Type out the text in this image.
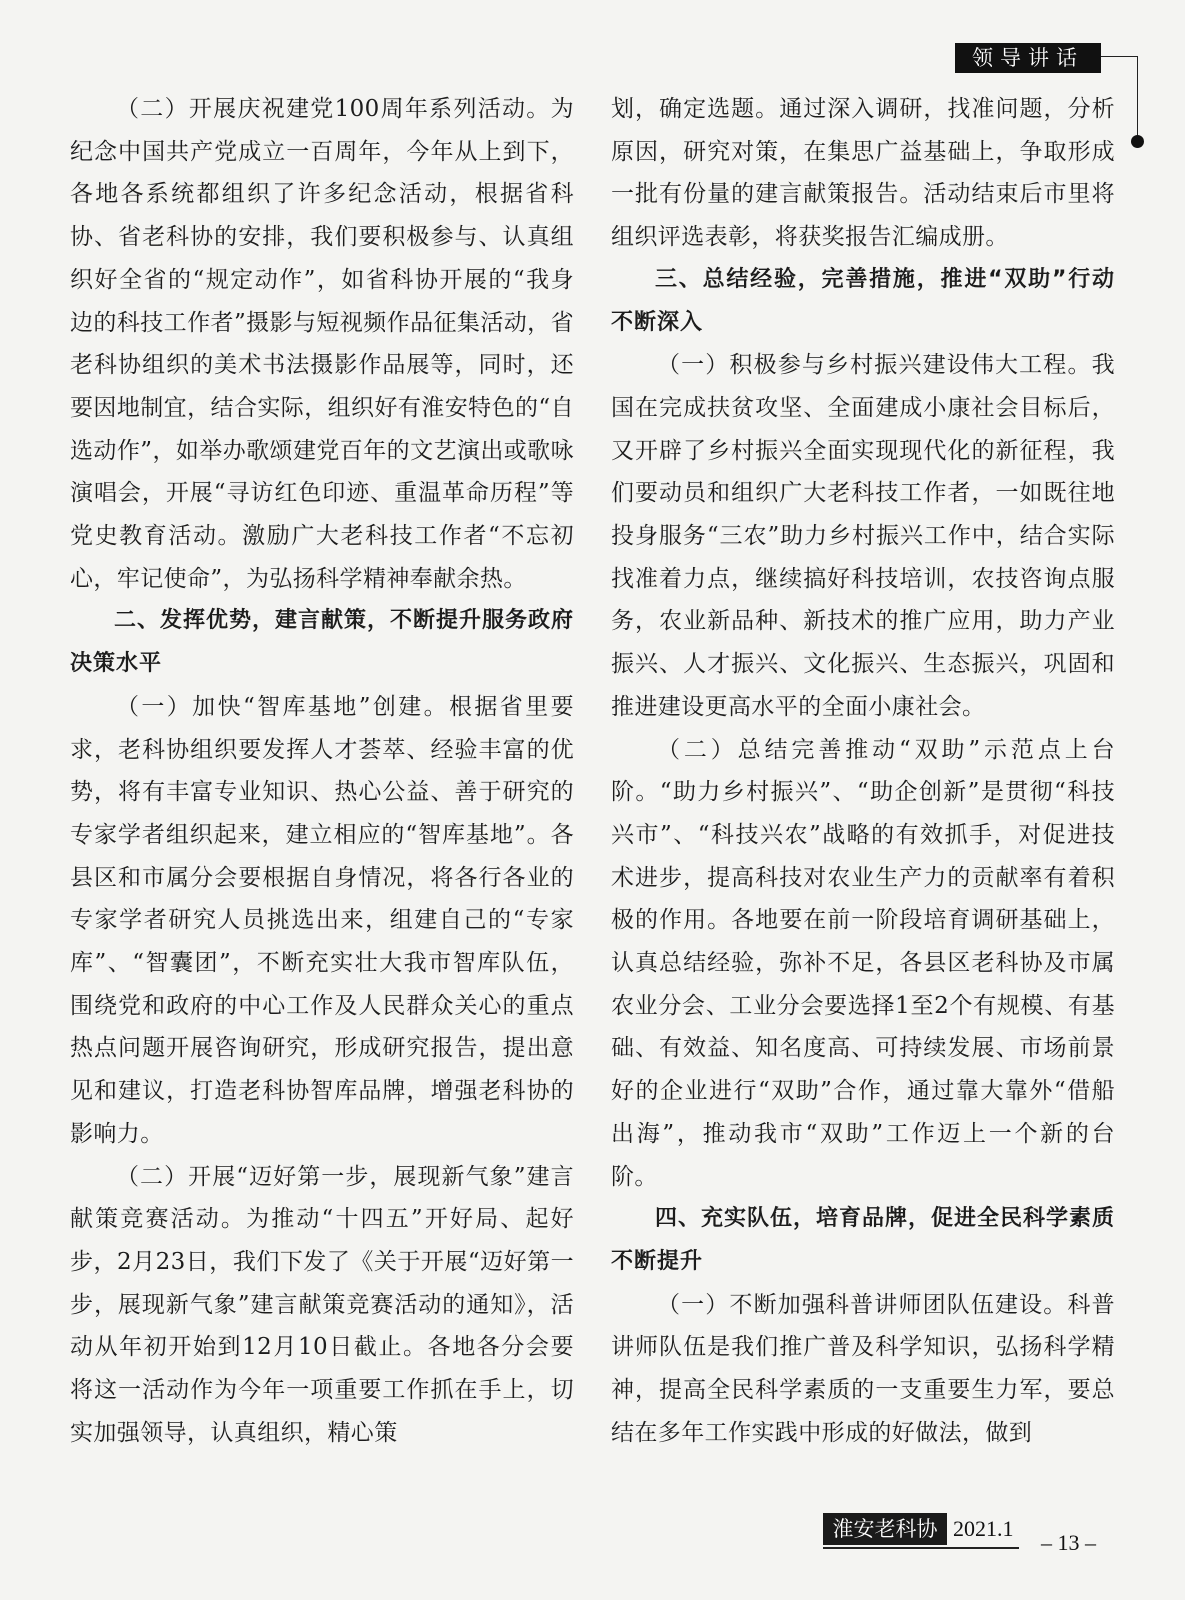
领导讲话

（二）开展庆祝建党100周年系列活动。为纪念中国共产党成立一百周年，今年从上到下，各地各系统都组织了许多纪念活动，根据省科协、省老科协的安排，我们要积极参与、认真组织好全省的“规定动作”，如省科协开展的“我身边的科技工作者”摄影与短视频作品征集活动，省老科协组织的美术书法摄影作品展等，同时，还要因地制宜，结合实际，组织好有淮安特色的“自选动作”，如举办歌颂建党百年的文艺演出或歌咏演唱会，开展“寻访红色印迹、重温革命历程”等党史教育活动。激励广大老科技工作者“不忘初心，牢记使命”，为弘扬科学精神奉献余热。

二、发挥优势，建言献策，不断提升服务政府决策水平

（一）加快“智库基地”创建。根据省里要求，老科协组织要发挥人才荟萃、经验丰富的优势，将有丰富专业知识、热心公益、善于研究的专家学者组织起来，建立相应的“智库基地”。各县区和市属分会要根据自身情况，将各行各业的专家学者研究人员挑选出来，组建自己的“专家库”、“智囊团”，不断充实壮大我市智库队伍，围绕党和政府的中心工作及人民群众关心的重点热点问题开展咨询研究，形成研究报告，提出意见和建议，打造老科协智库品牌，增强老科协的影响力。

（二）开展“迈好第一步，展现新气象”建言献策竞赛活动。为推动“十四五”开好局、起好步，2月23日，我们下发了《关于开展“迈好第一步，展现新气象”建言献策竞赛活动的通知》，活动从年初开始到12月10日截止。各地各分会要将这一活动作为今年一项重要工作抓在手上，切实加强领导，认真组织，精心策

划，确定选题。通过深入调研，找准问题，分析原因，研究对策，在集思广益基础上，争取形成一批有份量的建言献策报告。活动结束后市里将组织评选表彰，将获奖报告汇编成册。

三、总结经验，完善措施，推进“双助”行动不断深入

（一）积极参与乡村振兴建设伟大工程。我国在完成扶贫攻坚、全面建成小康社会目标后，又开辟了乡村振兴全面实现现代化的新征程，我们要动员和组织广大老科技工作者，一如既往地投身服务“三农”助力乡村振兴工作中，结合实际找准着力点，继续搞好科技培训，农技咨询点服务，农业新品种、新技术的推广应用，助力产业振兴、人才振兴、文化振兴、生态振兴，巩固和推进建设更高水平的全面小康社会。

（二）总结完善推动“双助”示范点上台阶。“助力乡村振兴”、“助企创新”是贯彻“科技兴市”、“科技兴农”战略的有效抓手，对促进技术进步，提高科技对农业生产力的贡献率有着积极的作用。各地要在前一阶段培育调研基础上，认真总结经验，弥补不足，各县区老科协及市属农业分会、工业分会要选择1至2个有规模、有基础、有效益、知名度高、可持续发展、市场前景好的企业进行“双助”合作，通过靠大靠外“借船出海”，推动我市“双助”工作迈上一个新的台阶。

四、充实队伍，培育品牌，促进全民科学素质不断提升

（一）不断加强科普讲师团队伍建设。科普讲师队伍是我们推广普及科学知识，弘扬科学精神，提高全民科学素质的一支重要生力军，要总结在多年工作实践中形成的好做法，做到

淮安老科协 2021.1
– 13 –
